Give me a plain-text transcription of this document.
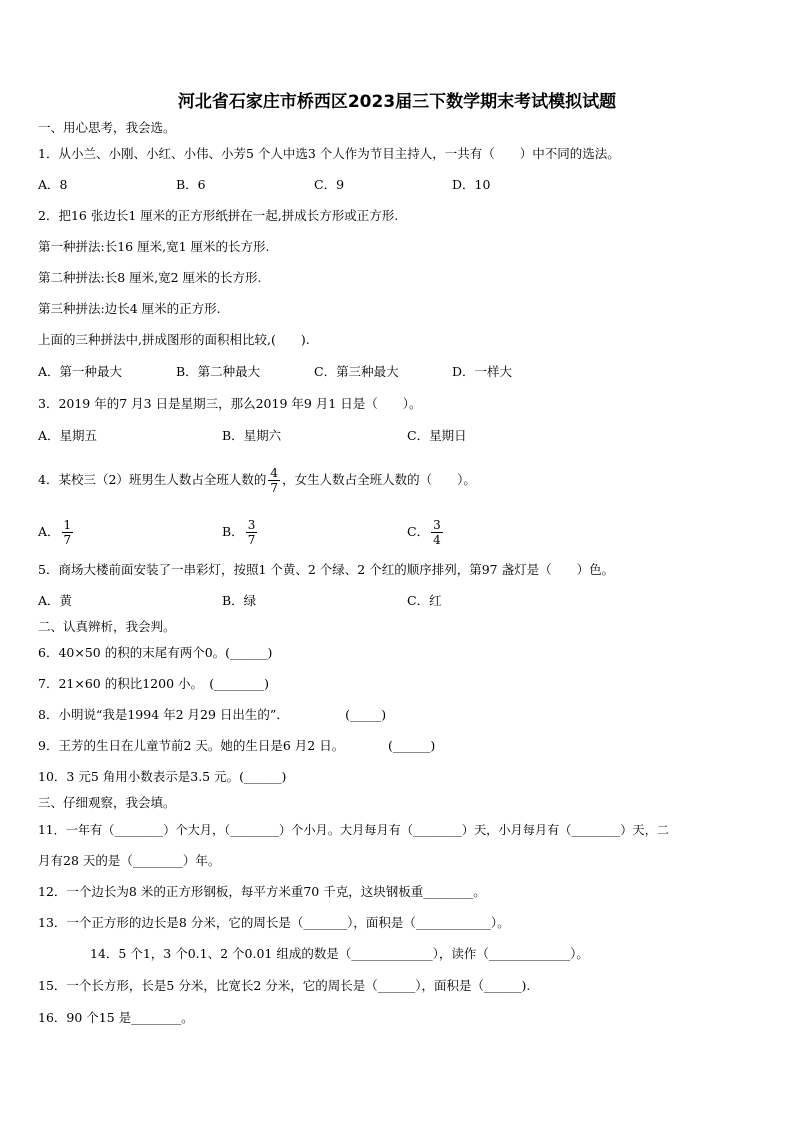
河北省石家庄市桥西区2023届三下数学期末考试模拟试题
一、用心思考，我会选。
1．从小兰、小刚、小红、小伟、小芳5 个人中选3 个人作为节目主持人，一共有（　　）中不同的选法。
A．8	B．6	C．9	D．10
2．把16 张边长1 厘米的正方形纸拼在一起,拼成长方形或正方形.
第一种拼法:长16 厘米,宽1 厘米的长方形.
第二种拼法:长8 厘米,宽2 厘米的长方形.
第三种拼法:边长4 厘米的正方形.
上面的三种拼法中,拼成图形的面积相比较,(　　).
A．第一种最大	B．第二种最大	C．第三种最大	D．一样大
3．2019 年的7 月3 日是星期三，那么2019 年9 月1 日是（　　）。
A．星期五	B．星期六	C．星期日
4．某校三（2）班男生人数占全班人数的 $\frac{4}{7}$ ，女生人数占全班人数的（　　）。
A． $\frac{1}{7}$	B． $\frac{3}{7}$	C． $\frac{3}{4}$
5．商场大楼前面安装了一串彩灯，按照1 个黄、2 个绿、2 个红的顺序排列，第97 盏灯是（　　）色。
A．黄	B．绿	C．红
二、认真辨析，我会判。
6．40×50 的积的末尾有两个0。(______)
7．21×60 的积比1200 小。　(________)
8．小明说“我是1994 年2 月29 日出生的”．　　　　　(_____)
9．王芳的生日在儿童节前2 天。她的生日是6 月2 日。　　　　(______)
10．3 元5 角用小数表示是3.5 元。(______)
三、仔细观察，我会填。
11．一年有（________）个大月，（________）个小月。大月每月有（________）天，小月每月有（________）天，二
月有28 天的是（________）年。
12．一个边长为8 米的正方形钢板，每平方米重70 千克，这块钢板重________。
13．一个正方形的边长是8 分米，它的周长是（_______），面积是（____________）。
14．5 个1，3 个0.1、2 个0.01 组成的数是（_____________），读作（_____________）。
15．一个长方形，长是5 分米，比宽长2 分米，它的周长是（______），面积是（______).
16．90 个15 是________。
